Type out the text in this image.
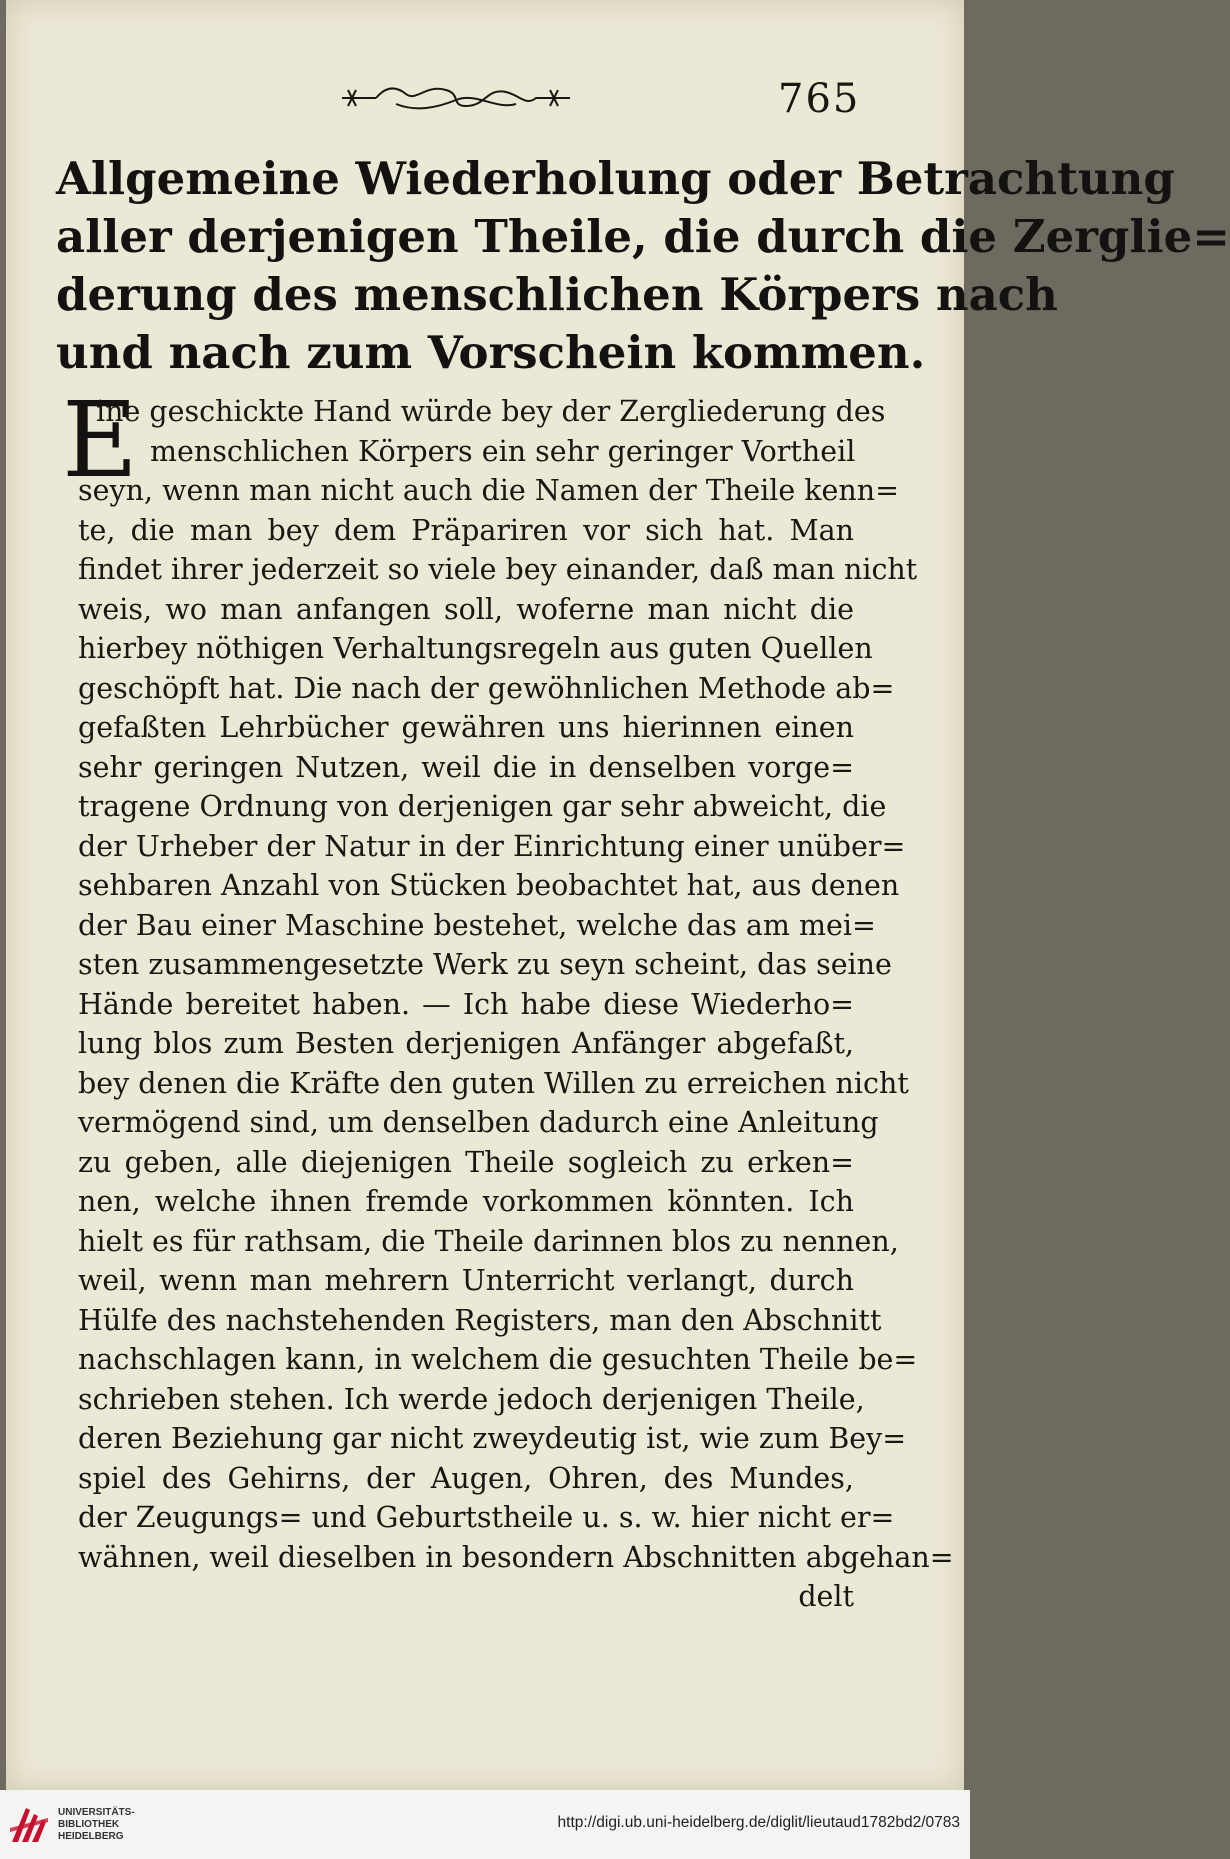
765
Allgemeine Wiederholung oder Betrachtung
aller derjenigen Theile, die durch die Zerglie=
derung des menschlichen Körpers nach
und nach zum Vorschein kommen.
E
ine geschickte Hand würde bey der Zergliederung des
menschlichen Körpers ein sehr geringer Vortheil
seyn, wenn man nicht auch die Namen der Theile kenn=
te, die man bey dem Präpariren vor sich hat. Man
findet ihrer jederzeit so viele bey einander, daß man nicht
weis, wo man anfangen soll, woferne man nicht die
hierbey nöthigen Verhaltungsregeln aus guten Quellen
geschöpft hat. Die nach der gewöhnlichen Methode ab=
gefaßten Lehrbücher gewähren uns hierinnen einen
sehr geringen Nutzen, weil die in denselben vorge=
tragene Ordnung von derjenigen gar sehr abweicht, die
der Urheber der Natur in der Einrichtung einer unüber=
sehbaren Anzahl von Stücken beobachtet hat, aus denen
der Bau einer Maschine bestehet, welche das am mei=
sten zusammengesetzte Werk zu seyn scheint, das seine
Hände bereitet haben. — Ich habe diese Wiederho=
lung blos zum Besten derjenigen Anfänger abgefaßt,
bey denen die Kräfte den guten Willen zu erreichen nicht
vermögend sind, um denselben dadurch eine Anleitung
zu geben, alle diejenigen Theile sogleich zu erken=
nen, welche ihnen fremde vorkommen könnten. Ich
hielt es für rathsam, die Theile darinnen blos zu nennen,
weil, wenn man mehrern Unterricht verlangt, durch
Hülfe des nachstehenden Registers, man den Abschnitt
nachschlagen kann, in welchem die gesuchten Theile be=
schrieben stehen. Ich werde jedoch derjenigen Theile,
deren Beziehung gar nicht zweydeutig ist, wie zum Bey=
spiel des Gehirns, der Augen, Ohren, des Mundes,
der Zeugungs= und Geburtstheile u. s. w. hier nicht er=
wähnen, weil dieselben in besondern Abschnitten abgehan=
delt
UNIVERSITÄTS-
BIBLIOTHEK
HEIDELBERG
http://digi.ub.uni-heidelberg.de/diglit/lieutaud1782bd2/0783
